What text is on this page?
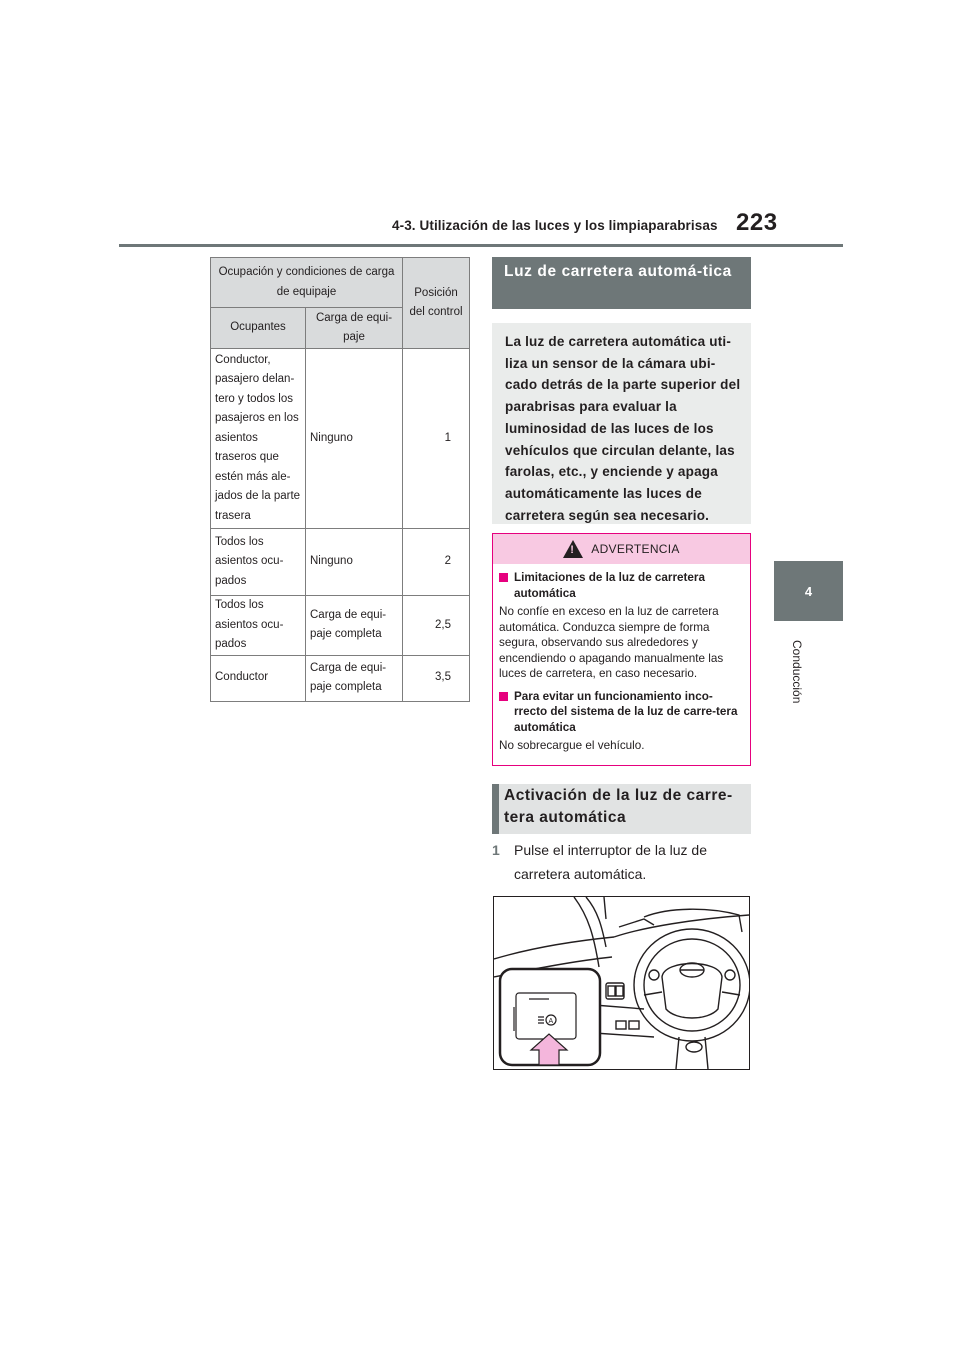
4-3. Utilización de las luces y los limpiaparabrisas 223
4
Conducción
Ocupación y condiciones de carga de equipaje		Posición del control
Ocupantes	Carga de equi-paje	
Conductor, pasajero delan-tero y todos los pasajeros en los asientos traseros que estén más ale-jados de la parte trasera	Ninguno	1
Todos los asientos ocu-pados	Ninguno	2
Todos los asientos ocu-pados	Carga de equi-paje completa	2,5
Conductor	Carga de equi-paje completa	3,5
Luz de carretera automá-tica
La luz de carretera automática uti-liza un sensor de la cámara ubi-cado detrás de la parte superior del parabrisas para evaluar la luminosidad de las luces de los vehículos que circulan delante, las farolas, etc., y enciende y apaga automáticamente las luces de carretera según sea necesario.
!
ADVERTENCIA
Limitaciones de la luz de carretera automática
No confíe en exceso en la luz de carretera automática. Conduzca siempre de forma segura, observando sus alrededores y encendiendo o apagando manualmente las luces de carretera, en caso necesario.
Para evitar un funcionamiento inco-rrecto del sistema de la luz de carre-tera automática
No sobrecargue el vehículo.
Activación de la luz de carre-tera automática
1 Pulse el interruptor de la luz de carretera automática.
A
